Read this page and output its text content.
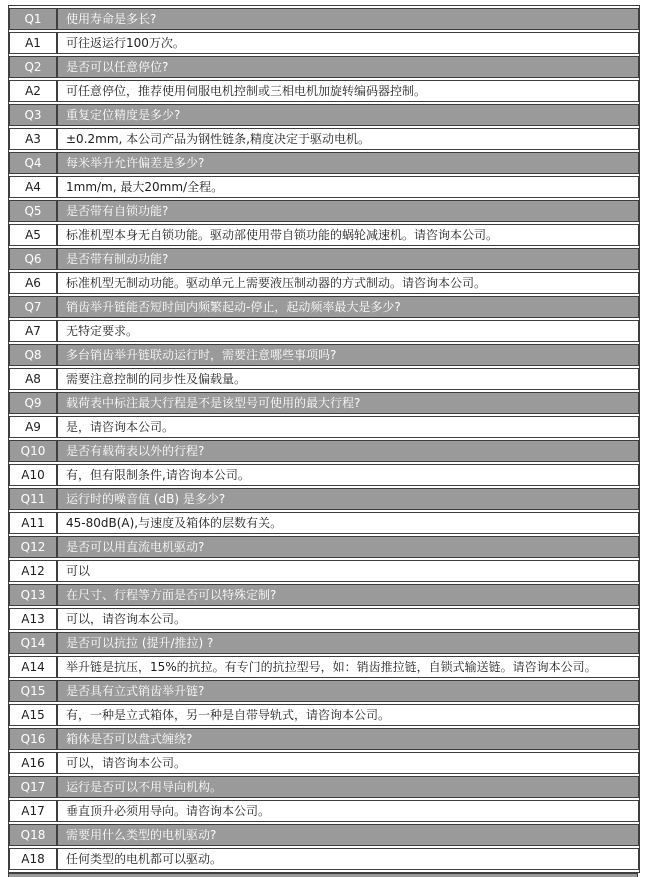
Q1	使用寿命是多长?
A1	可往返运行100万次。
Q2	是否可以任意停位?
A2	可任意停位，推荐使用伺服电机控制或三相电机加旋转编码器控制。
Q3	重复定位精度是多少?
A3	±0.2mm, 本公司产品为钢性链条,精度决定于驱动电机。
Q4	每米举升允许偏差是多少?
A4	1mm/m, 最大20mm/全程。
Q5	是否带有自锁功能?
A5	标准机型本身无自锁功能。驱动部使用带自锁功能的蜗轮减速机。请咨询本公司。
Q6	是否带有制动功能?
A6	标准机型无制动功能。驱动单元上需要液压制动器的方式制动。请咨询本公司。
Q7	销齿举升链能否短时间内频繁起动-停止，起动频率最大是多少?
A7	无特定要求。
Q8	多台销齿举升链联动运行时，需要注意哪些事项吗?
A8	需要注意控制的同步性及偏载量。
Q9	载荷表中标注最大行程是不是该型号可使用的最大行程?
A9	是，请咨询本公司。
Q10	是否有载荷表以外的行程?
A10	有，但有限制条件,请咨询本公司。
Q11	运行时的噪音值 (dB) 是多少?
A11	45-80dB(A),与速度及箱体的层数有关。
Q12	是否可以用直流电机驱动?
A12	可以
Q13	在尺寸、行程等方面是否可以特殊定制?
A13	可以，请咨询本公司。
Q14	是否可以抗拉 (提升/推拉) ?
A14	举升链是抗压，15%的抗拉。有专门的抗拉型号，如：销齿推拉链，自锁式输送链。请咨询本公司。
Q15	是否具有立式销齿举升链?
A15	有，一种是立式箱体，另一种是自带导轨式，请咨询本公司。
Q16	箱体是否可以盘式缠绕?
A16	可以，请咨询本公司。
Q17	运行是否可以不用导向机构。
A17	垂直顶升必须用导向。请咨询本公司。
Q18	需要用什么类型的电机驱动?
A18	任何类型的电机都可以驱动。
